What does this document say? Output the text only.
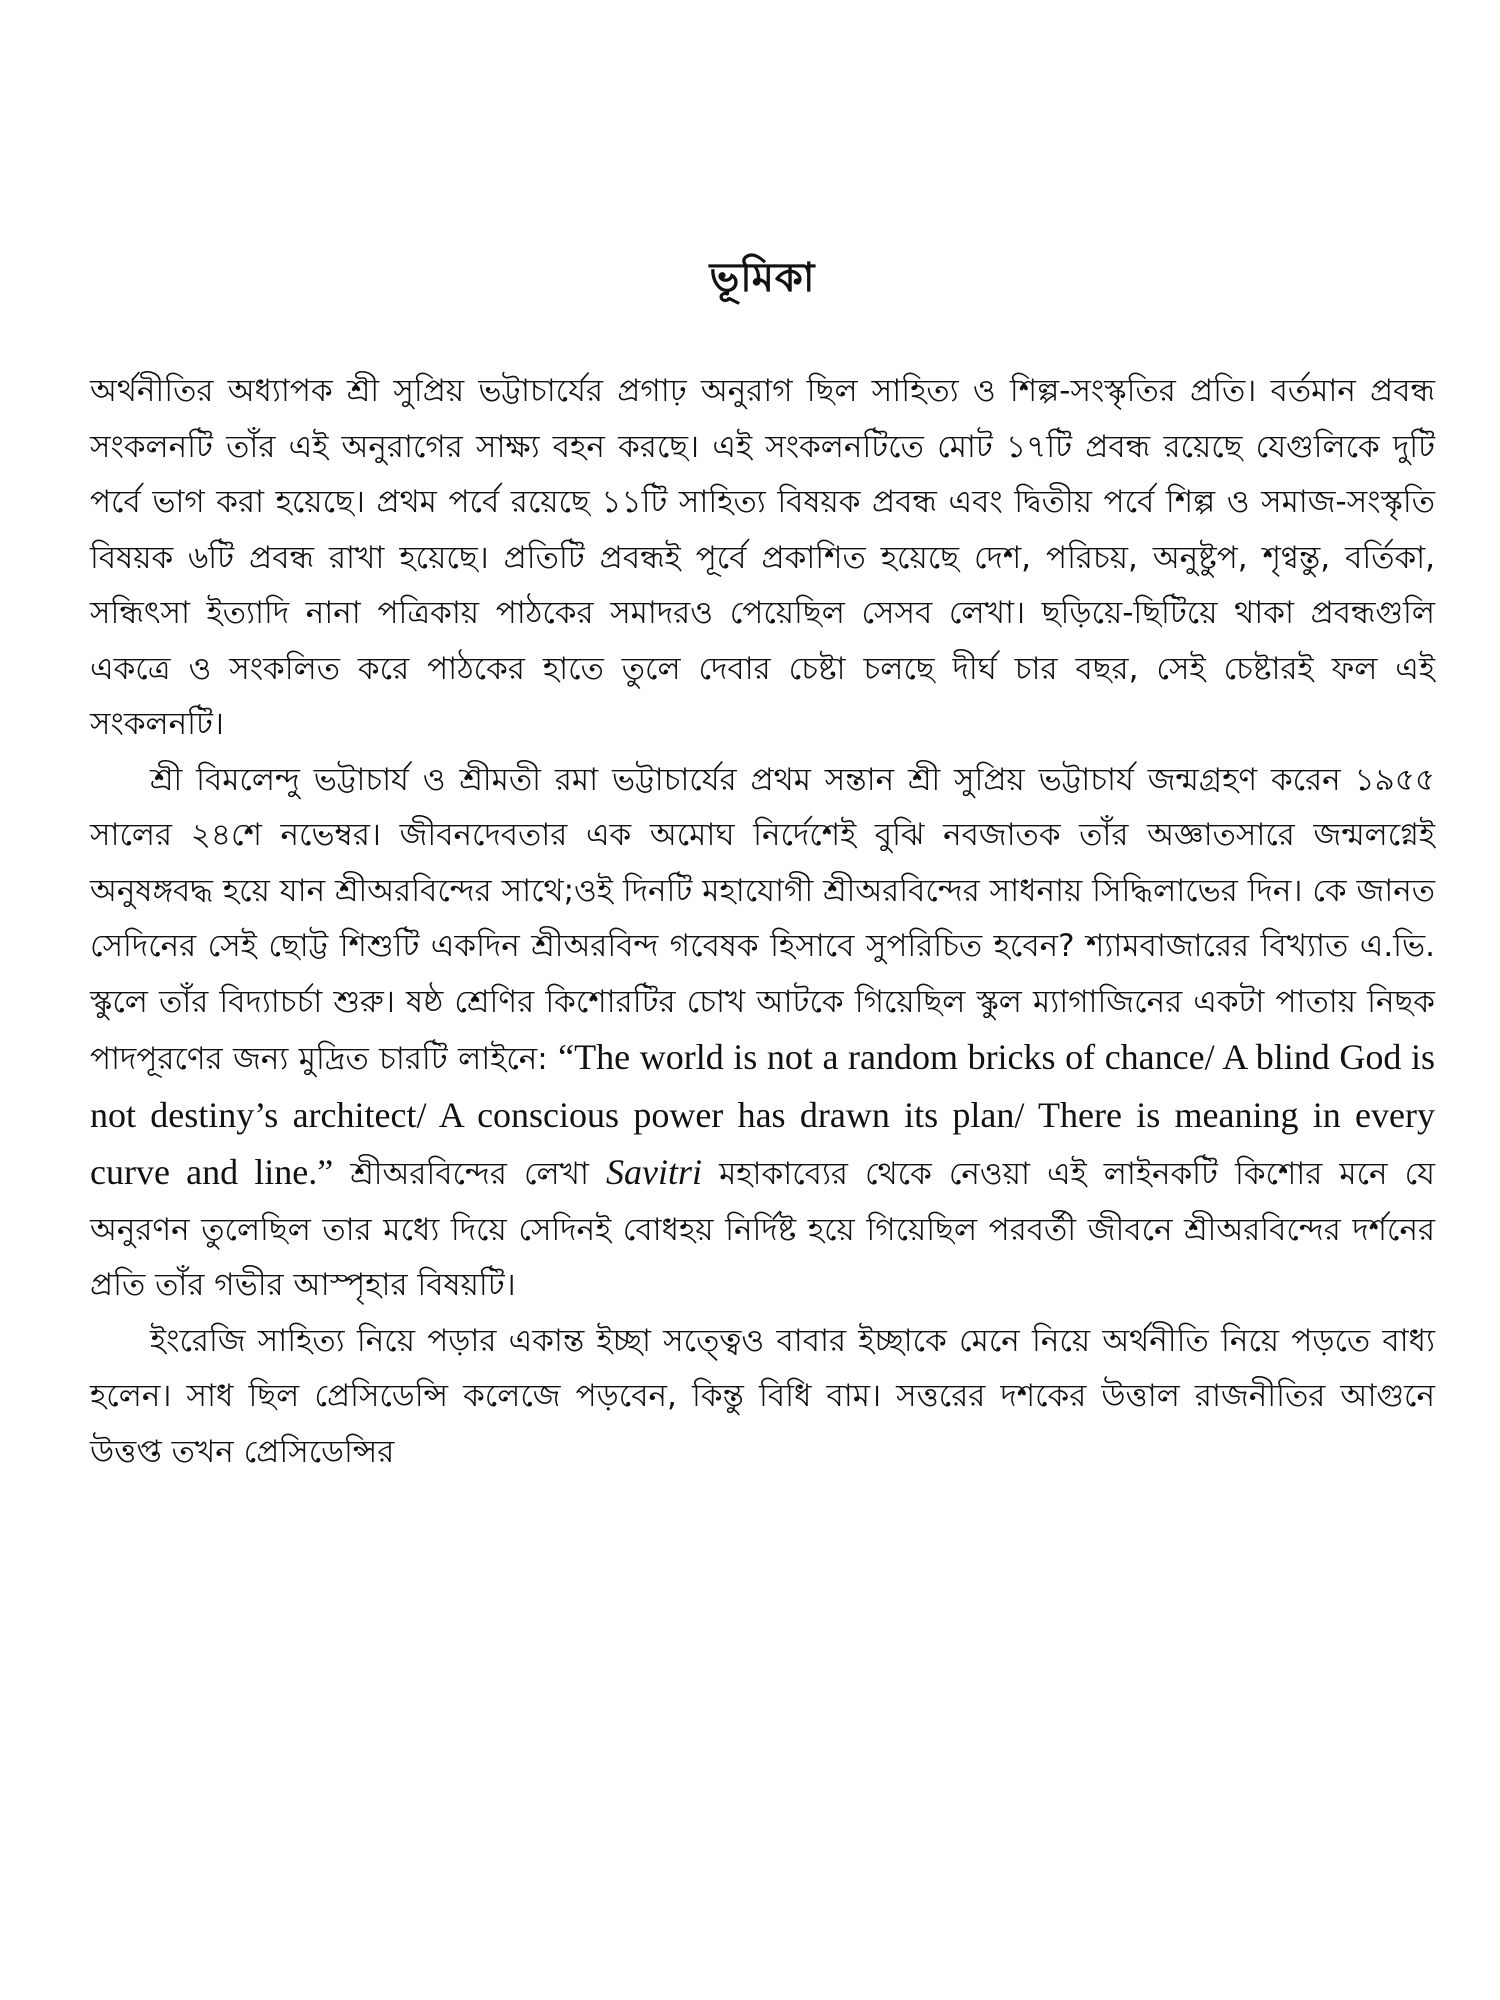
ভূমিকা

অর্থনীতির অধ্যাপক শ্রী সুপ্রিয় ভট্টাচার্যের প্রগাঢ় অনুরাগ ছিল সাহিত্য ও শিল্প-সংস্কৃতির প্রতি। বর্তমান প্রবন্ধ সংকলনটি তাঁর এই অনুরাগের সাক্ষ্য বহন করছে। এই সংকলনটিতে মোট ১৭টি প্রবন্ধ রয়েছে যেগুলিকে দুটি পর্বে ভাগ করা হয়েছে। প্রথম পর্বে রয়েছে ১১টি সাহিত্য বিষয়ক প্রবন্ধ এবং দ্বিতীয় পর্বে শিল্প ও সমাজ-সংস্কৃতি বিষয়ক ৬টি প্রবন্ধ রাখা হয়েছে। প্রতিটি প্রবন্ধই পূর্বে প্রকাশিত হয়েছে দেশ, পরিচয়, অনুষ্টুপ, শৃণ্বন্তু, বর্তিকা, সন্ধিৎসা ইত্যাদি নানা পত্রিকায় পাঠকের সমাদরও পেয়েছিল সেসব লেখা। ছড়িয়ে-ছিটিয়ে থাকা প্রবন্ধগুলি একত্রে ও সংকলিত করে পাঠকের হাতে তুলে দেবার চেষ্টা চলছে দীর্ঘ চার বছর, সেই চেষ্টারই ফল এই সংকলনটি।

শ্রী বিমলেন্দু ভট্টাচার্য ও শ্রীমতী রমা ভট্টাচার্যের প্রথম সন্তান শ্রী সুপ্রিয় ভট্টাচার্য জন্মগ্রহণ করেন ১৯৫৫ সালের ২৪শে নভেম্বর। জীবনদেবতার এক অমোঘ নির্দেশেই বুঝি নবজাতক তাঁর অজ্ঞাতসারে জন্মলগ্নেই অনুষঙ্গবদ্ধ হয়ে যান শ্রীঅরবিন্দের সাথে;ওই দিনটি মহাযোগী শ্রীঅরবিন্দের সাধনায় সিদ্ধিলাভের দিন। কে জানত সেদিনের সেই ছোট্ট শিশুটি একদিন শ্রীঅরবিন্দ গবেষক হিসাবে সুপরিচিত হবেন? শ্যামবাজারের বিখ্যাত এ.ভি. স্কুলে তাঁর বিদ্যাচর্চা শুরু। ষষ্ঠ শ্রেণির কিশোরটির চোখ আটকে গিয়েছিল স্কুল ম্যাগাজিনের একটা পাতায় নিছক পাদপূরণের জন্য মুদ্রিত চারটি লাইনে: “The world is not a random bricks of chance/ A blind God is not destiny’s architect/ A conscious power has drawn its plan/ There is meaning in every curve and line.” শ্রীঅরবিন্দের লেখা Savitri মহাকাব্যের থেকে নেওয়া এই লাইনকটি কিশোর মনে যে অনুরণন তুলেছিল তার মধ্যে দিয়ে সেদিনই বোধহয় নির্দিষ্ট হয়ে গিয়েছিল পরবর্তী জীবনে শ্রীঅরবিন্দের দর্শনের প্রতি তাঁর গভীর আস্পৃহার বিষয়টি।

ইংরেজি সাহিত্য নিয়ে পড়ার একান্ত ইচ্ছা সত্ত্বেও বাবার ইচ্ছাকে মেনে নিয়ে অর্থনীতি নিয়ে পড়তে বাধ্য হলেন। সাধ ছিল প্রেসিডেন্সি কলেজে পড়বেন, কিন্তু বিধি বাম। সত্তরের দশকের উত্তাল রাজনীতির আগুনে উত্তপ্ত তখন প্রেসিডেন্সির
